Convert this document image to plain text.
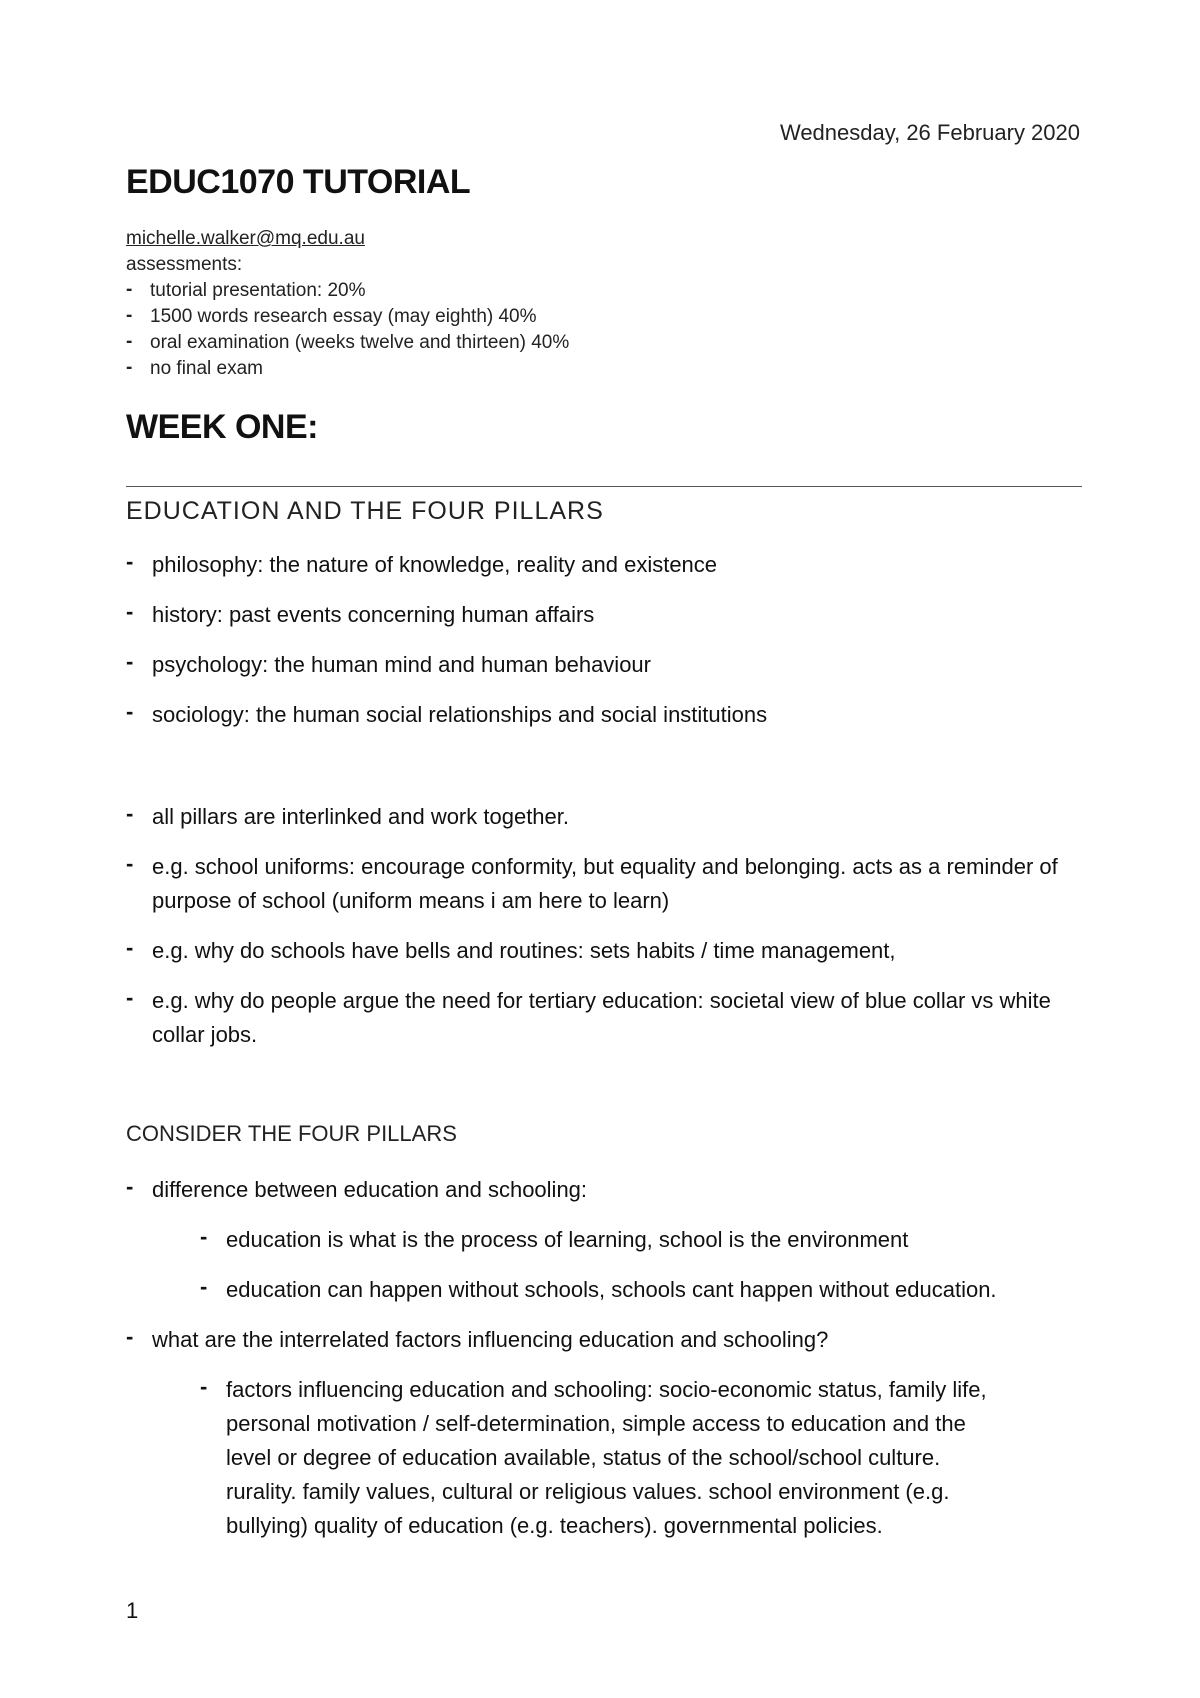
Wednesday, 26 February 2020
EDUC1070 TUTORIAL
michelle.walker@mq.edu.au
assessments:
- tutorial presentation: 20%
- 1500 words research essay (may eighth) 40%
- oral examination (weeks twelve and thirteen) 40%
- no final exam
WEEK ONE:
EDUCATION AND THE FOUR PILLARS
- philosophy: the nature of knowledge, reality and existence
- history: past events concerning human affairs
- psychology: the human mind and human behaviour
- sociology: the human social relationships and social institutions
- all pillars are interlinked and work together.
- e.g. school uniforms: encourage conformity, but equality and belonging. acts as a reminder of purpose of school (uniform means i am here to learn)
- e.g. why do schools have bells and routines: sets habits / time management,
- e.g. why do people argue the need for tertiary education: societal view of blue collar vs white collar jobs.
CONSIDER THE FOUR PILLARS
- difference between education and schooling:
- education is what is the process of learning, school is the environment
- education can happen without schools, schools cant happen without education.
- what are the interrelated factors influencing education and schooling?
- factors influencing education and schooling: socio-economic status, family life, personal motivation / self-determination, simple access to education and the level or degree of education available, status of the school/school culture. rurality. family values, cultural or religious values. school environment (e.g. bullying) quality of education (e.g. teachers). governmental policies.
1
